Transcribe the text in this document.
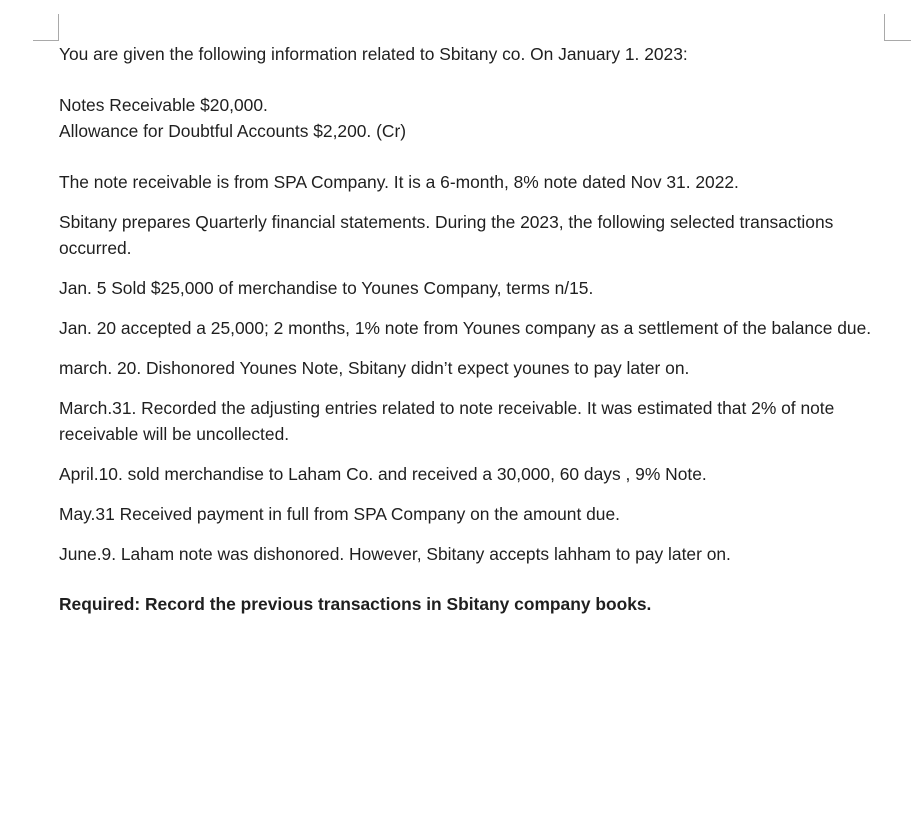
You are given the following information related to Sbitany co. On January 1. 2023:

Notes Receivable $20,000.

Allowance for Doubtful Accounts $2,200. (Cr)

The note receivable is from SPA Company. It is a 6-month, 8% note dated Nov 31. 2022.

Sbitany prepares Quarterly financial statements. During the 2023, the following selected transactions occurred.

Jan. 5 Sold $25,000 of merchandise to Younes Company, terms n/15.

Jan. 20 accepted a 25,000; 2 months, 1% note from Younes company as a settlement of the balance due.

march. 20. Dishonored Younes Note, Sbitany didn’t expect younes to pay later on.

March.31. Recorded the adjusting entries related to note receivable. It was estimated that 2% of note receivable will be uncollected.

April.10. sold merchandise to Laham Co. and received a 30,000, 60 days , 9% Note.

May.31 Received payment in full from SPA Company on the amount due.

June.9. Laham note was dishonored. However, Sbitany accepts lahham to pay later on.

Required: Record the previous transactions in Sbitany company books.
